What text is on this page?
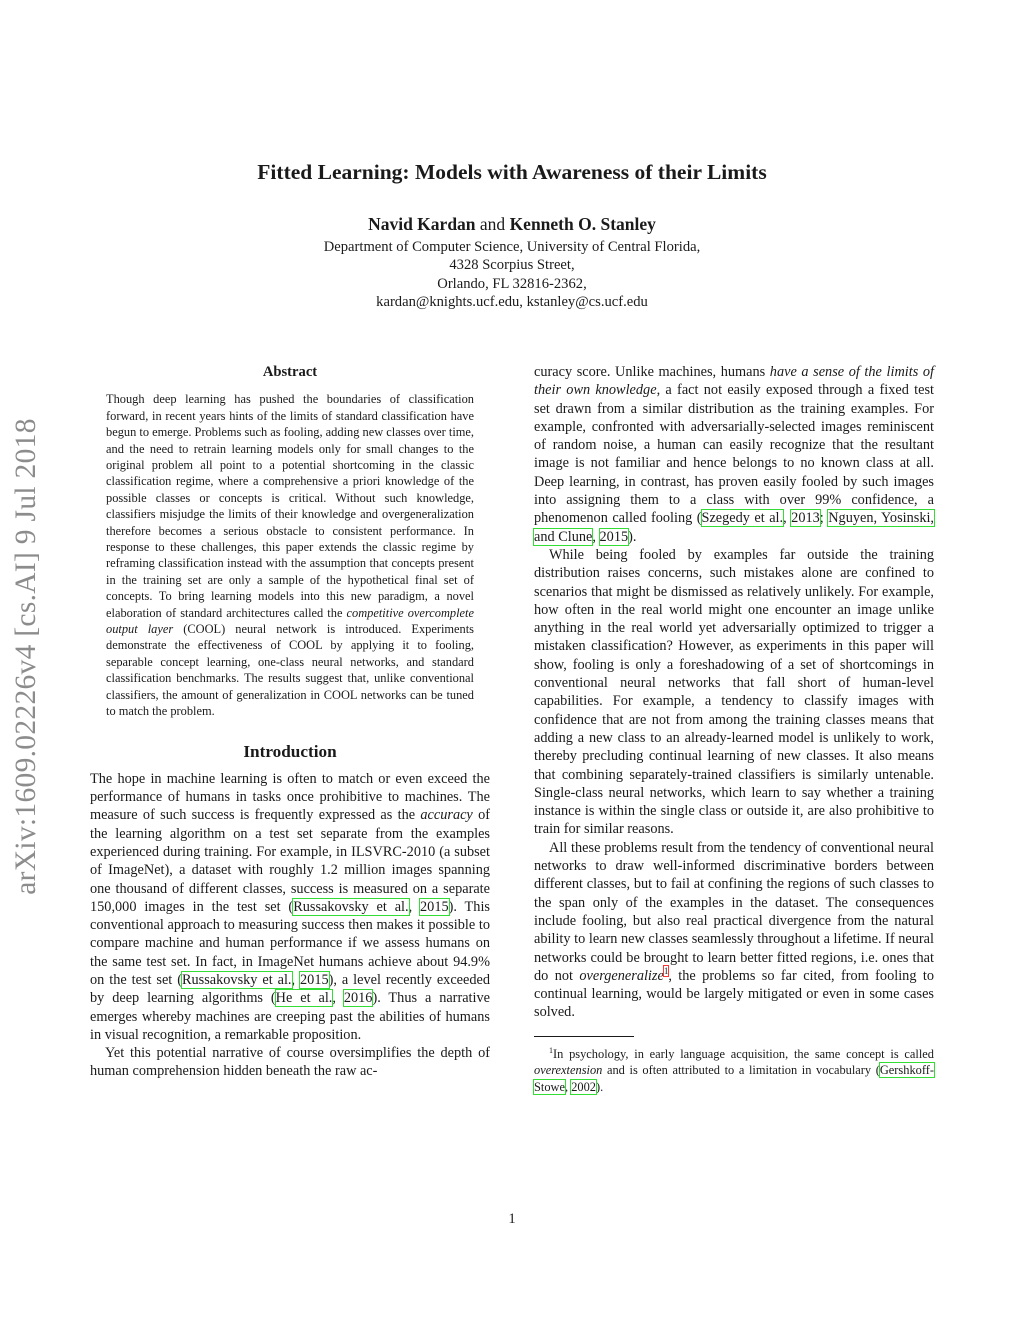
arXiv:1609.02226v4 [cs.AI] 9 Jul 2018
Fitted Learning: Models with Awareness of their Limits
Navid Kardan and Kenneth O. Stanley
Department of Computer Science, University of Central Florida,
4328 Scorpius Street,
Orlando, FL 32816-2362,
kardan@knights.ucf.edu, kstanley@cs.ucf.edu
Abstract

Though deep learning has pushed the boundaries of classification forward, in recent years hints of the limits of standard classification have begun to emerge. Problems such as fooling, adding new classes over time, and the need to retrain learning models only for small changes to the original problem all point to a potential shortcoming in the classic classification regime, where a comprehensive a priori knowledge of the possible classes or concepts is critical. Without such knowledge, classifiers misjudge the limits of their knowledge and overgeneralization therefore becomes a serious obstacle to consistent performance. In response to these challenges, this paper extends the classic regime by reframing classification instead with the assumption that concepts present in the training set are only a sample of the hypothetical final set of concepts. To bring learning models into this new paradigm, a novel elaboration of standard architectures called the competitive overcomplete output layer (COOL) neural network is introduced. Experiments demonstrate the effectiveness of COOL by applying it to fooling, separable concept learning, one-class neural networks, and standard classification benchmarks. The results suggest that, unlike conventional classifiers, the amount of generalization in COOL networks can be tuned to match the problem.

Introduction

The hope in machine learning is often to match or even exceed the performance of humans in tasks once prohibitive to machines. The measure of such success is frequently expressed as the accuracy of the learning algorithm on a test set separate from the examples experienced during training. For example, in ILSVRC-2010 (a subset of ImageNet), a dataset with roughly 1.2 million images spanning one thousand of different classes, success is measured on a separate 150,000 images in the test set (Russakovsky et al., 2015). This conventional approach to measuring success then makes it possible to compare machine and human performance if we assess humans on the same test set. In fact, in ImageNet humans achieve about 94.9% on the test set (Russakovsky et al., 2015), a level recently exceeded by deep learning algorithms (He et al., 2016). Thus a narrative emerges whereby machines are creeping past the abilities of humans in visual recognition, a remarkable proposition.

Yet this potential narrative of course oversimplifies the depth of human comprehension hidden beneath the raw ac-

curacy score. Unlike machines, humans have a sense of the limits of their own knowledge, a fact not easily exposed through a fixed test set drawn from a similar distribution as the training examples. For example, confronted with adversarially-selected images reminiscent of random noise, a human can easily recognize that the resultant image is not familiar and hence belongs to no known class at all. Deep learning, in contrast, has proven easily fooled by such images into assigning them to a class with over 99% confidence, a phenomenon called fooling (Szegedy et al., 2013; Nguyen, Yosinski, and Clune, 2015).

While being fooled by examples far outside the training distribution raises concerns, such mistakes alone are confined to scenarios that might be dismissed as relatively unlikely. For example, how often in the real world might one encounter an image unlike anything in the real world yet adversarially optimized to trigger a mistaken classification? However, as experiments in this paper will show, fooling is only a foreshadowing of a set of shortcomings in conventional neural networks that fall short of human-level capabilities. For example, a tendency to classify images with confidence that are not from among the training classes means that adding a new class to an already-learned model is unlikely to work, thereby precluding continual learning of new classes. It also means that combining separately-trained classifiers is similarly untenable. Single-class neural networks, which learn to say whether a training instance is within the single class or outside it, are also prohibitive to train for similar reasons.

All these problems result from the tendency of conventional neural networks to draw well-informed discriminative borders between different classes, but to fail at confining the regions of such classes to the span only of the examples in the dataset. The consequences include fooling, but also real practical divergence from the natural ability to learn new classes seamlessly throughout a lifetime. If neural networks could be brought to learn better fitted regions, i.e. ones that do not overgeneralize$^1$, the problems so far cited, from fooling to continual learning, would be largely mitigated or even in some cases solved.

$^1$In psychology, in early language acquisition, the same concept is called overextension and is often attributed to a limitation in vocabulary (Gershkoff-Stowe, 2002).

1
